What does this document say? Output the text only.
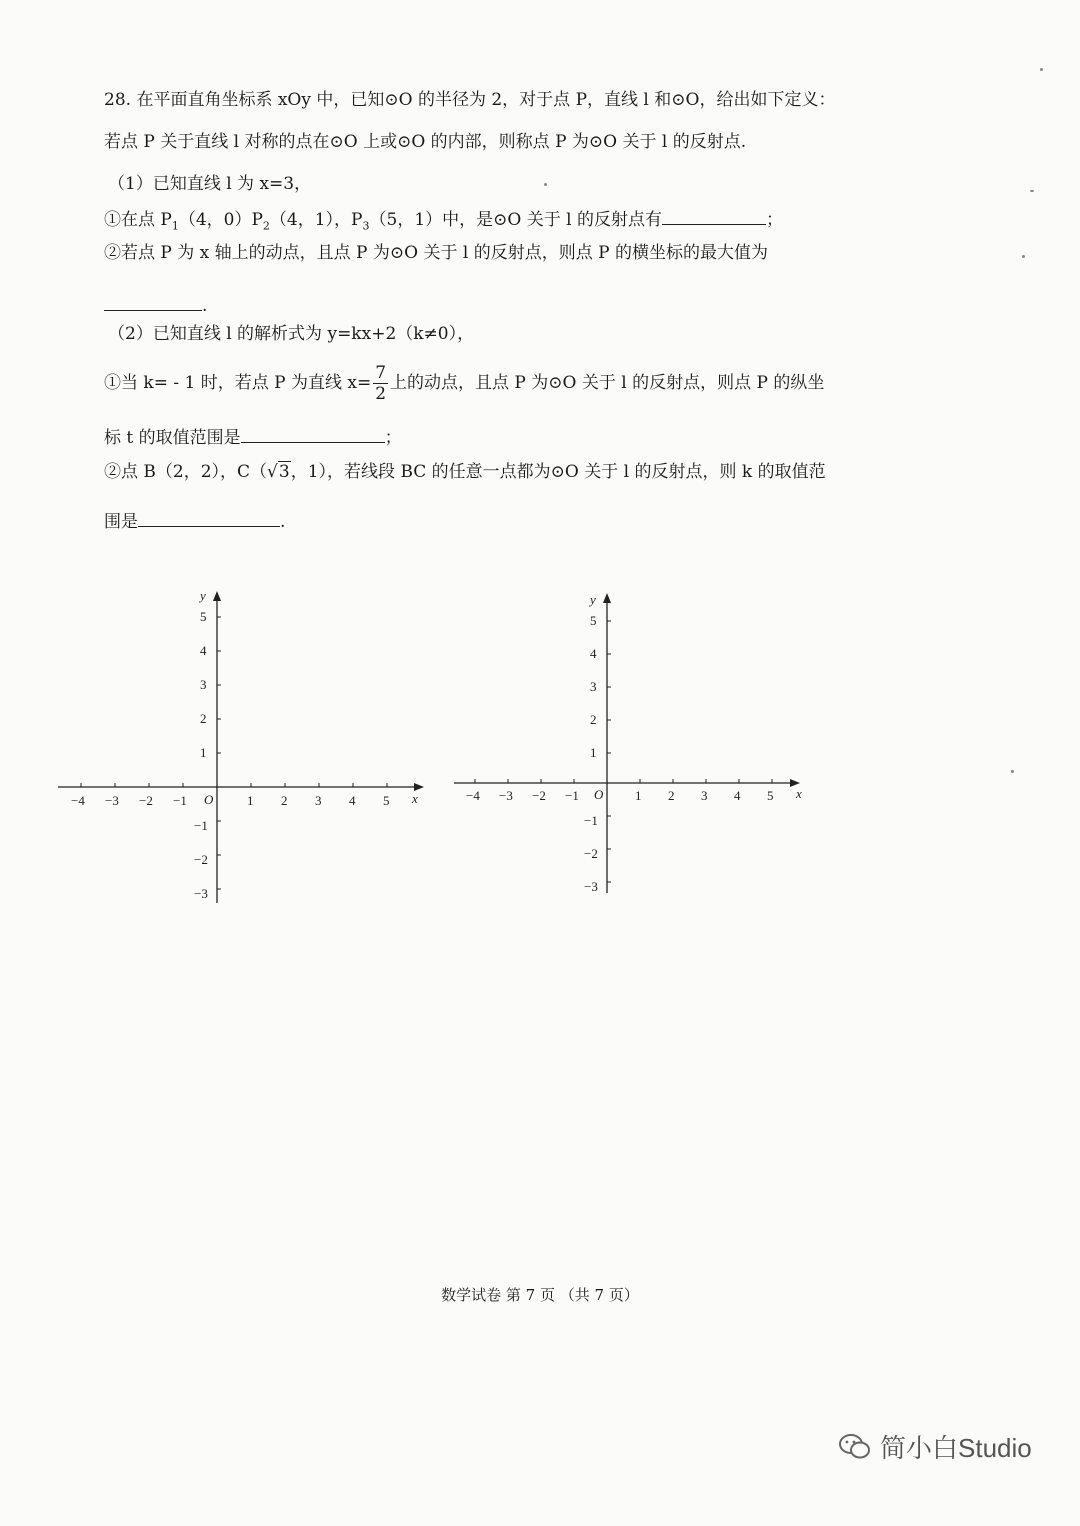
28. 在平面直角坐标系 xOy 中，已知⊙O 的半径为 2，对于点 P，直线 l 和⊙O，给出如下定义：
若点 P 关于直线 l 对称的点在⊙O 上或⊙O 的内部，则称点 P 为⊙O 关于 l 的反射点.
（1）已知直线 l 为 x=3，
①在点 $P_1(4$，$0)P_2(4$，1），$P_3(5$，1）中，是⊙O 关于 l 的反射点有	；
②若点 P 为 x 轴上的动点，且点 P 为⊙O 关于 l 的反射点，则点 P 的横坐标的最大值为
.
（2）已知直线 l 的解析式为 y=kx+2（k≠0），
①当 k= - 1 时，若点 P 为直线 $x= \frac{7}{2}$ 上的动点，且点 P 为⊙O 关于 l 的反射点，则点 P 的纵坐
标 t 的取值范围是	；
②点 B（2，2），C（√3，1），若线段 BC 的任意一点都为⊙O 关于 l 的反射点，则 k 的取值范
围是	.
x
y
O
−4 −3 −2 −1	1 2 3 4 5
5
4
3
2
1
−1
−2
−3
x
y
O
−4 −3 −2 −1	1 2 3 4 5
5
4
3
2
1
−1
−2
−3
数学试卷 第 7 页 （共 7 页）
简小白Studio
